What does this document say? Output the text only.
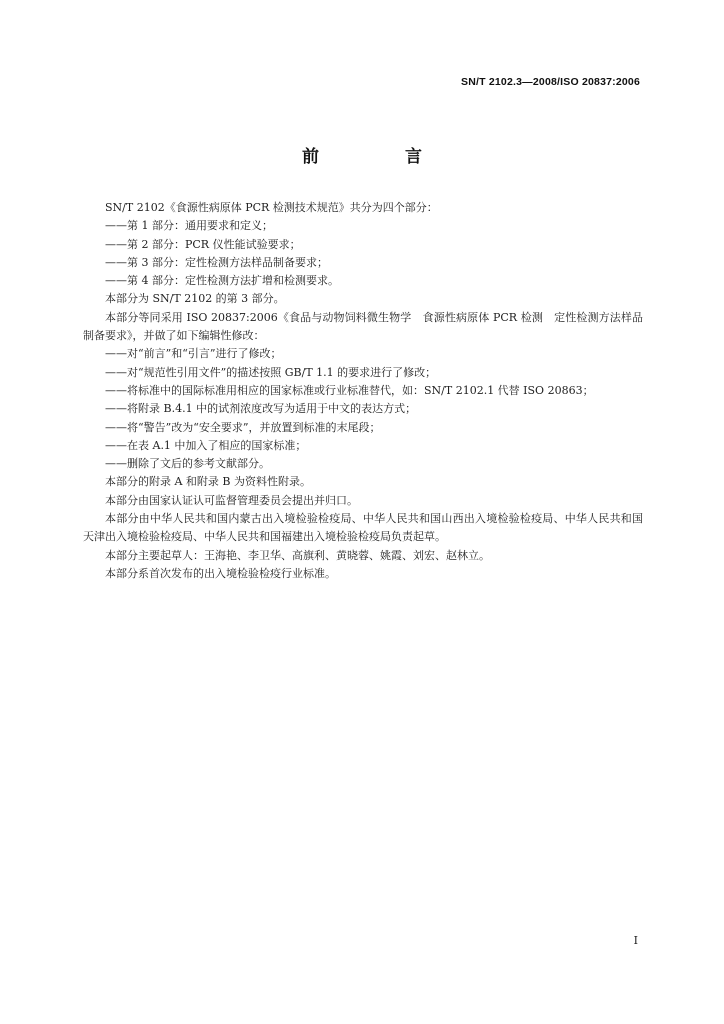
SN/T 2102.3—2008/ISO 20837:2006
前 言

SN/T 2102《食源性病原体 PCR 检测技术规范》共分为四个部分：

——第 1 部分：通用要求和定义；

——第 2 部分：PCR 仪性能试验要求；

——第 3 部分：定性检测方法样品制备要求；

——第 4 部分：定性检测方法扩增和检测要求。

本部分为 SN/T 2102 的第 3 部分。

本部分等同采用 ISO 20837:2006《食品与动物饲料微生物学　食源性病原体 PCR 检测　定性检测方法样品制备要求》，并做了如下编辑性修改：

——对“前言”和“引言”进行了修改；

——对“规范性引用文件”的描述按照 GB/T 1.1 的要求进行了修改；

——将标准中的国际标准用相应的国家标准或行业标准替代，如：SN/T 2102.1 代替 ISO 20863；

——将附录 B.4.1 中的试剂浓度改写为适用于中文的表达方式；

——将“警告”改为“安全要求”，并放置到标准的末尾段；

——在表 A.1 中加入了相应的国家标准；

——删除了文后的参考文献部分。

本部分的附录 A 和附录 B 为资料性附录。

本部分由国家认证认可监督管理委员会提出并归口。

本部分由中华人民共和国内蒙古出入境检验检疫局、中华人民共和国山西出入境检验检疫局、中华人民共和国天津出入境检验检疫局、中华人民共和国福建出入境检验检疫局负责起草。

本部分主要起草人：王海艳、李卫华、高旗利、黄晓蓉、姚霞、刘宏、赵林立。

本部分系首次发布的出入境检验检疫行业标准。

I
